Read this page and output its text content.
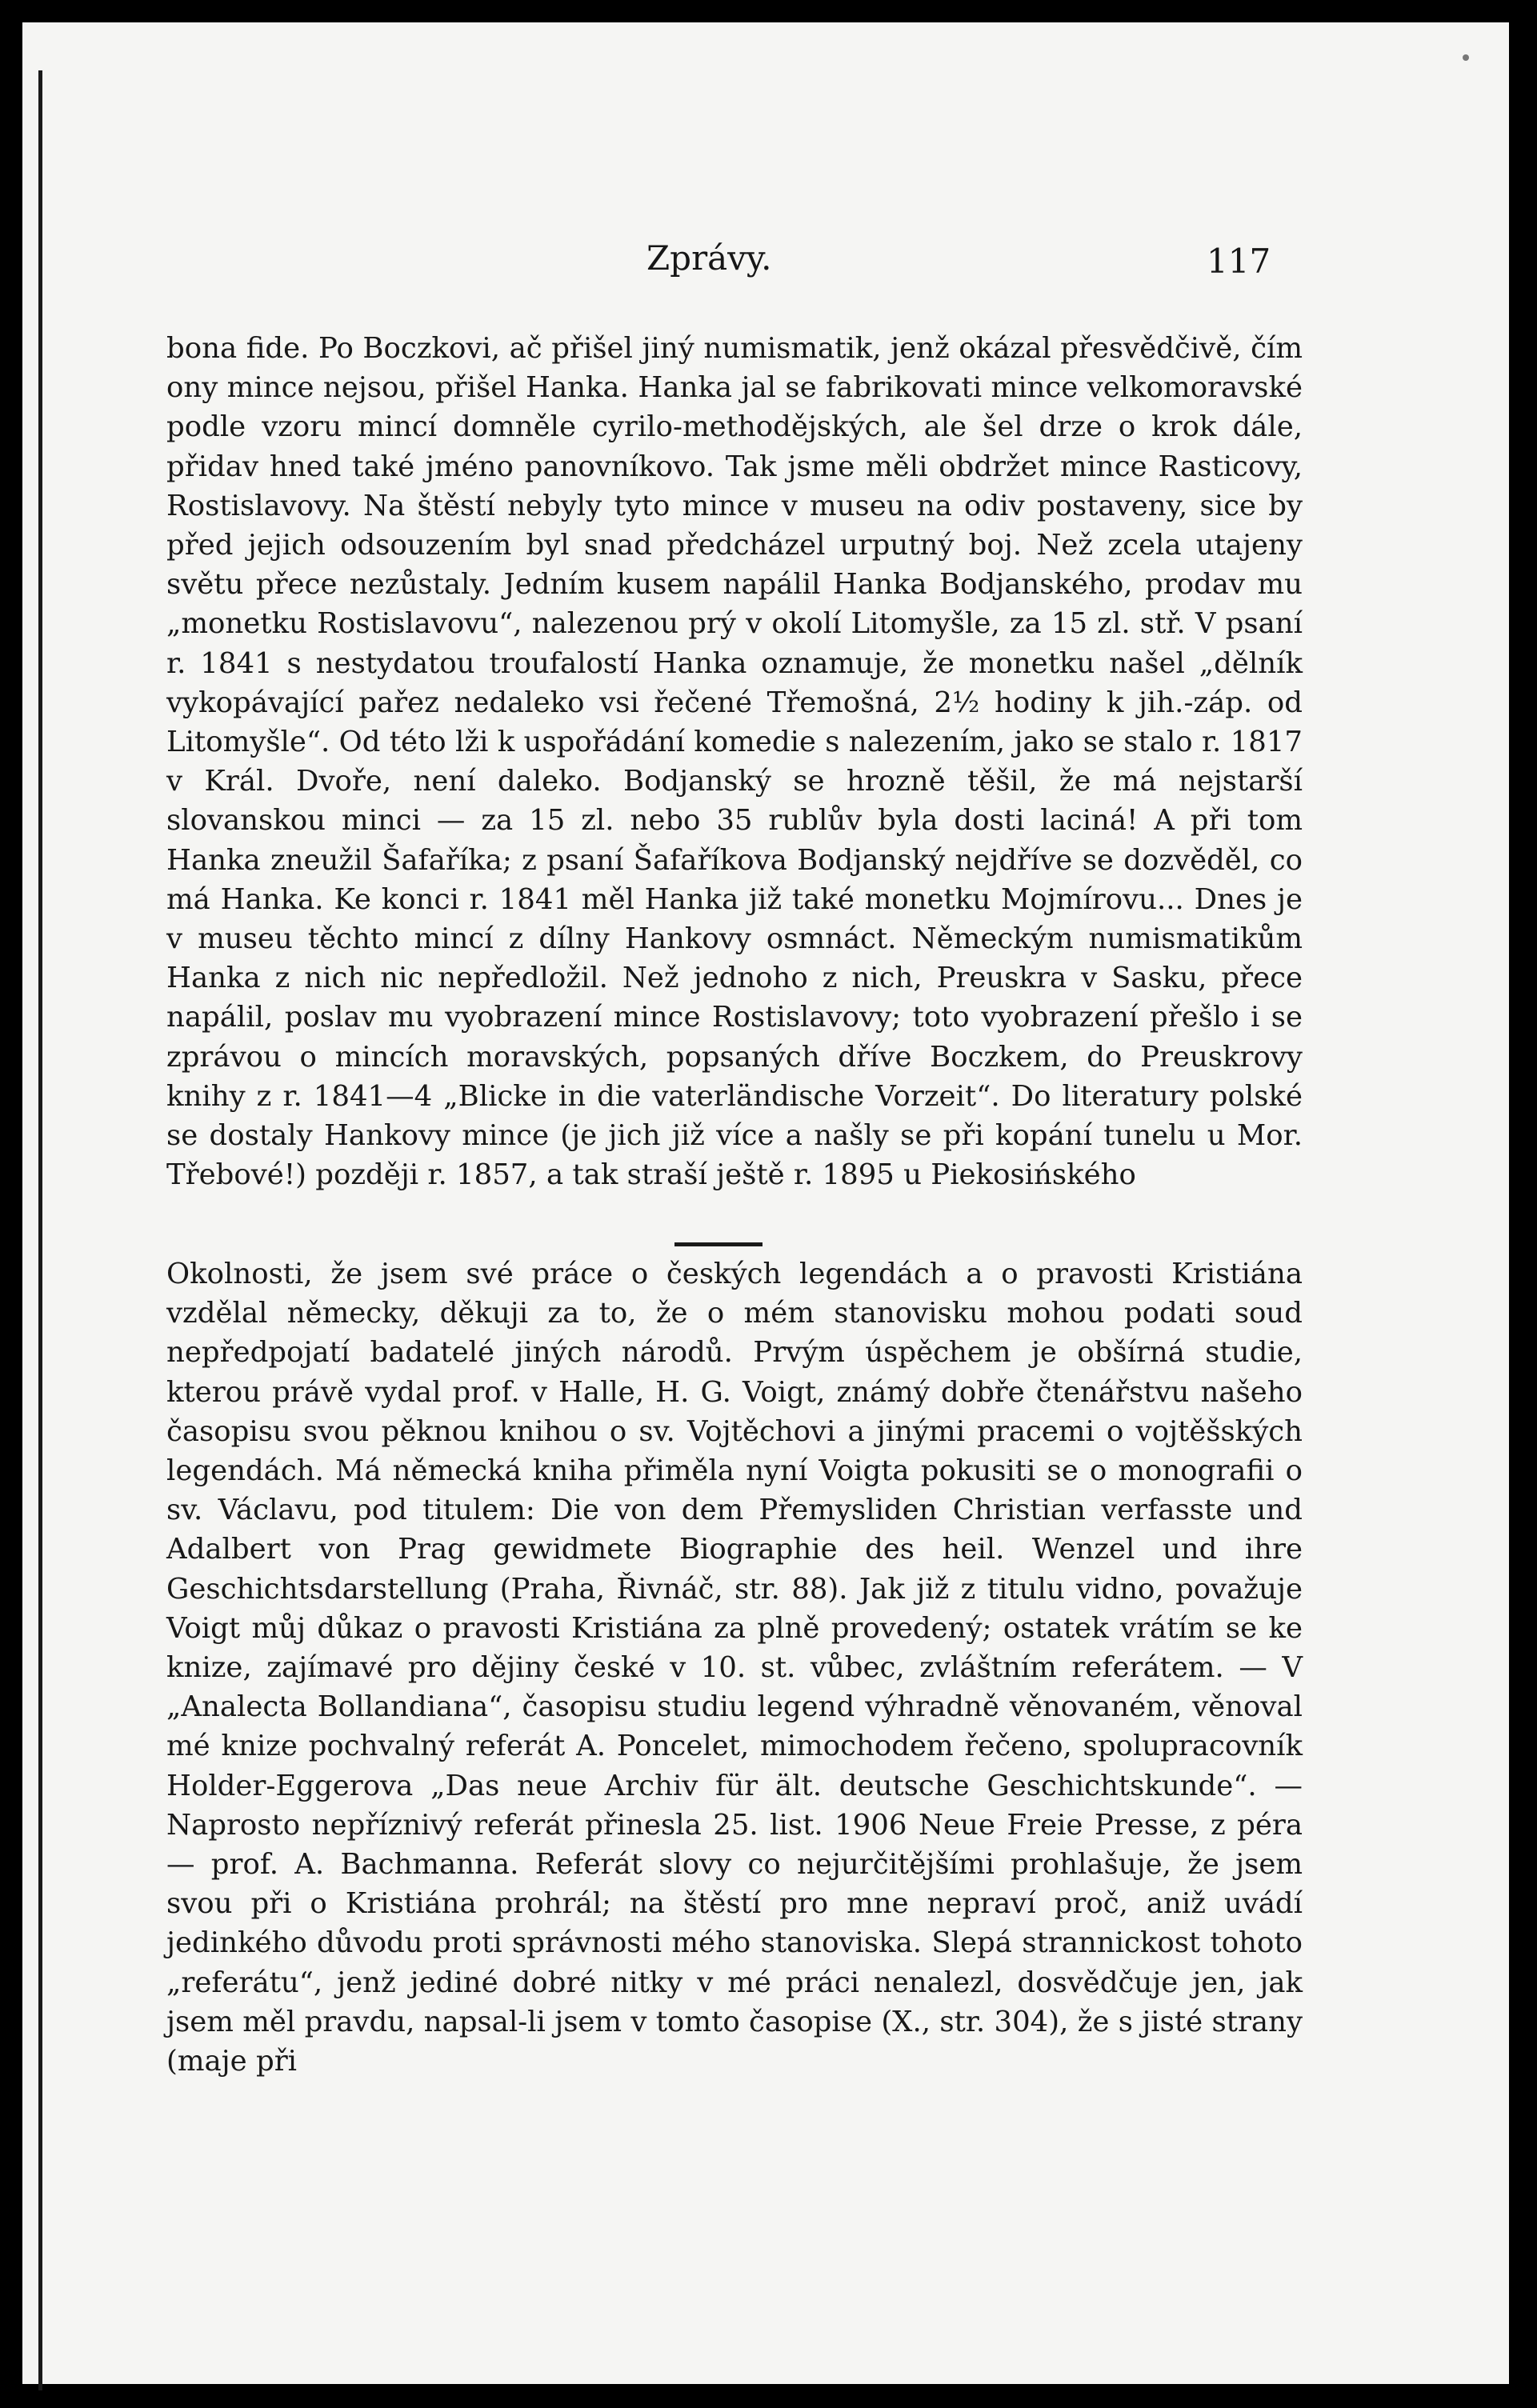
Zprávy.	117
bona fide. Po Boczkovi, ač přišel jiný numismatik, jenž okázal přesvědčivě, čím ony mince nejsou, přišel Hanka. Hanka jal se fabrikovati mince velkomoravské podle vzoru mincí domněle cyrilo-methodějských, ale šel drze o krok dále, přidav hned také jméno panovníkovo. Tak jsme měli obdržet mince Rasticovy, Rostislavovy. Na štěstí nebyly tyto mince v museu na odiv postaveny, sice by před jejich odsouzením byl snad předcházel urputný boj. Než zcela utajeny světu přece nezůstaly. Jedním kusem napálil Hanka Bodjanského, prodav mu „monetku Rostislavovu“, nalezenou prý v okolí Litomyšle, za 15 zl. stř. V psaní r. 1841 s nestydatou troufalostí Hanka oznamuje, že monetku našel „dělník vykopávající pařez nedaleko vsi řečené Třemošná, 2½ hodiny k jih.-záp. od Litomyšle“. Od této lži k uspořádání komedie s nalezením, jako se stalo r. 1817 v Král. Dvoře, není daleko. Bodjanský se hrozně těšil, že má nejstarší slovanskou minci — za 15 zl. nebo 35 rublův byla dosti laciná! A při tom Hanka zneužil Šafaříka; z psaní Šafaříkova Bodjanský nejdříve se dozvěděl, co má Hanka. Ke konci r. 1841 měl Hanka již také monetku Mojmírovu... Dnes je v museu těchto mincí z dílny Hankovy osmnáct. Německým numismatikům Hanka z nich nic nepředložil. Než jednoho z nich, Preuskra v Sasku, přece napálil, poslav mu vyobrazení mince Rostislavovy; toto vyobrazení přešlo i se zprávou o mincích moravských, popsaných dříve Boczkem, do Preuskrovy knihy z r. 1841—4 „Blicke in die vaterländische Vorzeit“. Do literatury polské se dostaly Hankovy mince (je jich již více a našly se při kopání tunelu u Mor. Třebové!) později r. 1857, a tak straší ještě r. 1895 u Piekosińského
Okolnosti, že jsem své práce o českých legendách a o pravosti Kristiána vzdělal německy, děkuji za to, že o mém stanovisku mohou podati soud nepředpojatí badatelé jiných národů. Prvým úspěchem je obšírná studie, kterou právě vydal prof. v Halle, H. G. Voigt, známý dobře čtenářstvu našeho časopisu svou pěknou knihou o sv. Vojtěchovi a jinými pracemi o vojtěšských legendách. Má německá kniha přiměla nyní Voigta pokusiti se o monografii o sv. Václavu, pod titulem: Die von dem Přemysliden Christian verfasste und Adalbert von Prag gewidmete Biographie des heil. Wenzel und ihre Geschichtsdarstellung (Praha, Řivnáč, str. 88). Jak již z titulu vidno, považuje Voigt můj důkaz o pravosti Kristiána za plně provedený; ostatek vrátím se ke knize, zajímavé pro dějiny české v 10. st. vůbec, zvláštním referátem. — V „Analecta Bollandiana“, časopisu studiu legend výhradně věnovaném, věnoval mé knize pochvalný referát A. Poncelet, mimochodem řečeno, spolupracovník Holder-Eggerova „Das neue Archiv für ält. deutsche Geschichtskunde“. — Naprosto nepříznivý referát přinesla 25. list. 1906 Neue Freie Presse, z péra — prof. A. Bachmanna. Referát slovy co nejurčitějšími prohlašuje, že jsem svou při o Kristiána prohrál; na štěstí pro mne nepraví proč, aniž uvádí jedinkého důvodu proti správnosti mého stanoviska. Slepá strannickost tohoto „referátu“, jenž jediné dobré nitky v mé práci nenalezl, dosvědčuje jen, jak jsem měl pravdu, napsal-li jsem v tomto časopise (X., str. 304), že s jisté strany (maje při
